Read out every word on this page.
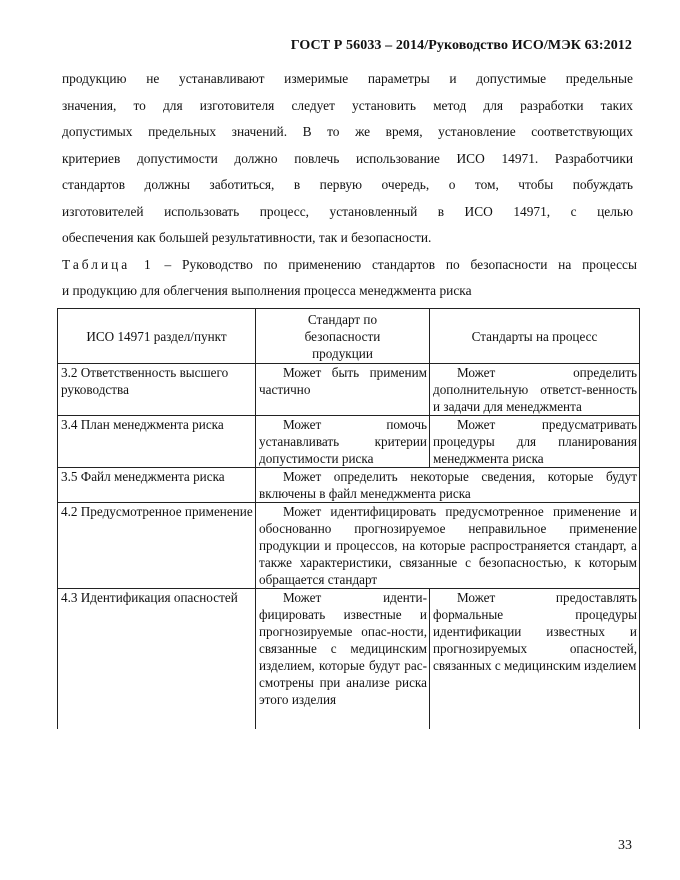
ГОСТ Р 56033 – 2014/Руководство ИСО/МЭК 63:2012
продукцию не устанавливают измеримые параметры и допустимые предельные
значения, то для изготовителя следует установить метод для разработки таких
допустимых предельных значений. В то же время, установление соответствующих
критериев допустимости должно повлечь использование ИСО 14971. Разработчики
стандартов должны заботиться, в первую очередь, о том, чтобы побуждать
изготовителей использовать процесс, установленный в ИСО 14971, с целью
обеспечения как большей результативности, так и безопасности.
Таблица 1 – Руководство по применению стандартов по безопасности на процессы
и продукцию для облегчения выполнения процесса менеджмента риска
ИСО 14971 раздел/пункт	Стандарт по безопасности продукции	Стандарты на процесс
3.2 Ответственность высшего руководства	Может быть применим частично	Может определить дополнительную ответст-венность и задачи для менеджмента

3.4 План менеджмента риска	Может помочь устанавливать критерии допустимости риска	Может предусматривать процедуры для планирования менеджмента риска

3.5 Файл менеджмента риска	Может определить некоторые сведения, которые будут включены в файл менеджмента риска	

4.2 Предусмотренное применение	Может идентифицировать предусмотренное применение и обоснованно прогнозируемое неправильное применение продукции и процессов, на которые распространяется стандарт, а также характеристики, связанные с безопасностью, к которым обращается стандарт	

4.3 Идентификация опасностей	Может иденти-фицировать известные и прогнозируемые опас-ности, связанные с медицинским изделием, которые будут рас-смотрены при анализе риска этого изделия	Может предоставлять формальные процедуры идентификации известных и прогнозируемых опасностей, связанных с медицинским изделием
33
